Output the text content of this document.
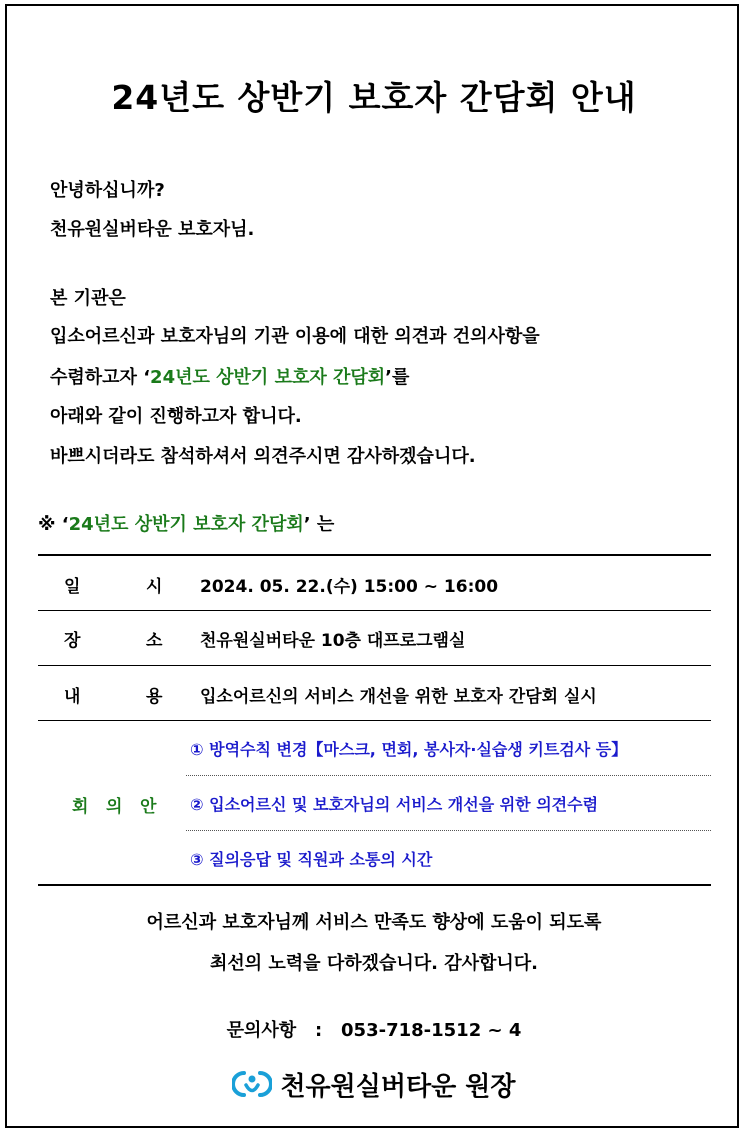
24년도 상반기 보호자 간담회 안내
안녕하십니까?
천유원실버타운 보호자님.
본 기관은
입소어르신과 보호자님의 기관 이용에 대한 의견과 건의사항을
수렴하고자 ‘24년도 상반기 보호자 간담회’를
아래와 같이 진행하고자 합니다.
바쁘시더라도 참석하셔서 의견주시면 감사하겠습니다.
※ ‘24년도 상반기 보호자 간담회’ 는
일	시 2024. 05. 22.(수) 15:00 ~ 16:00
장	소 천유원실버타운 10층 대프로그램실
내	용 입소어르신의 서비스 개선을 위한 보호자 간담회 실시
회 의 안
① 방역수칙 변경【마스크, 면회, 봉사자·실습생 키트검사 등】
② 입소어르신 및 보호자님의 서비스 개선을 위한 의견수렴
③ 질의응답 및 직원과 소통의 시간
어르신과 보호자님께 서비스 만족도 향상에 도움이 되도록
최선의 노력을 다하겠습니다. 감사합니다.
문의사항 : 053-718-1512 ~ 4
천유원실버타운 원장
